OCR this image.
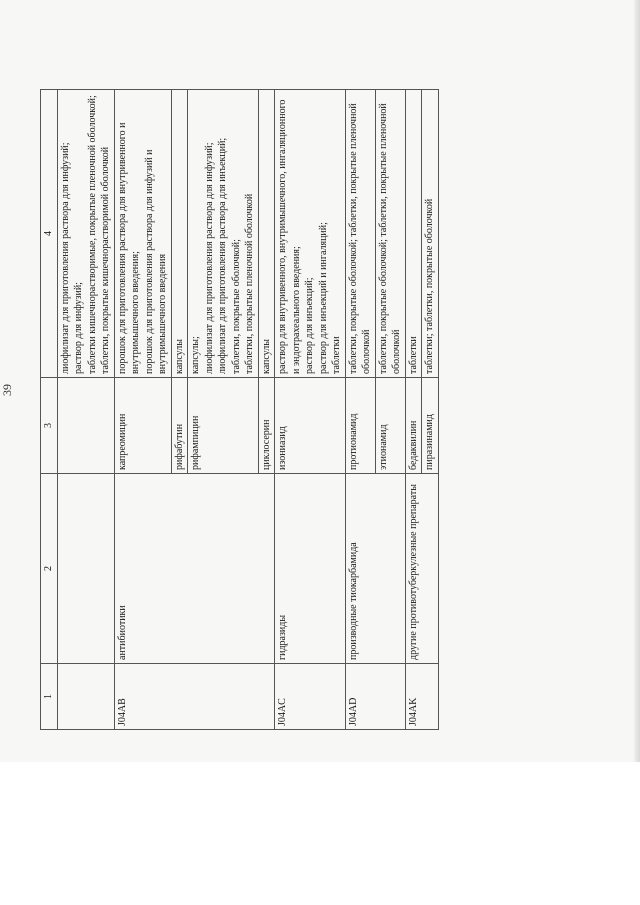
39
1	2	3	4

			лиофилизат для приготовления раствора для инфузий; раствор для инфузий; таблетки кишечнорастворимые, покрытые пленочной оболочкой; таблетки, покрытые кишечнорастворимой оболочкой

J04AB	антибиотики	капреомицин	порошок для приготовления раствора для внутривенного и внутримышечного введения; порошок для приготовления раствора для инфузий и внутримышечного введения

		рифабутин	капсулы

		рифампицин	капсулы; лиофилизат для приготовления раствора для инфузий; лиофилизат для приготовления раствора для инъекций; таблетки, покрытые оболочкой; таблетки, покрытые пленочной оболочкой

		циклосерин	капсулы

J04AC	гидразиды	изониазид	раствор для внутривенного, внутримышечного, ингаляционного и эндотрахеального введения; раствор для инъекций; раствор для инъекций и ингаляций; таблетки

J04AD	производные тиокарбамида	протионамид	таблетки, покрытые оболочкой; таблетки, покрытые пленочной оболочкой

		этионамид	таблетки, покрытые оболочкой; таблетки, покрытые пленочной оболочкой

J04AK	другие противотуберкулезные препараты	бедаквилин	таблетки

		пиразинамид	таблетки; таблетки, покрытые оболочкой
